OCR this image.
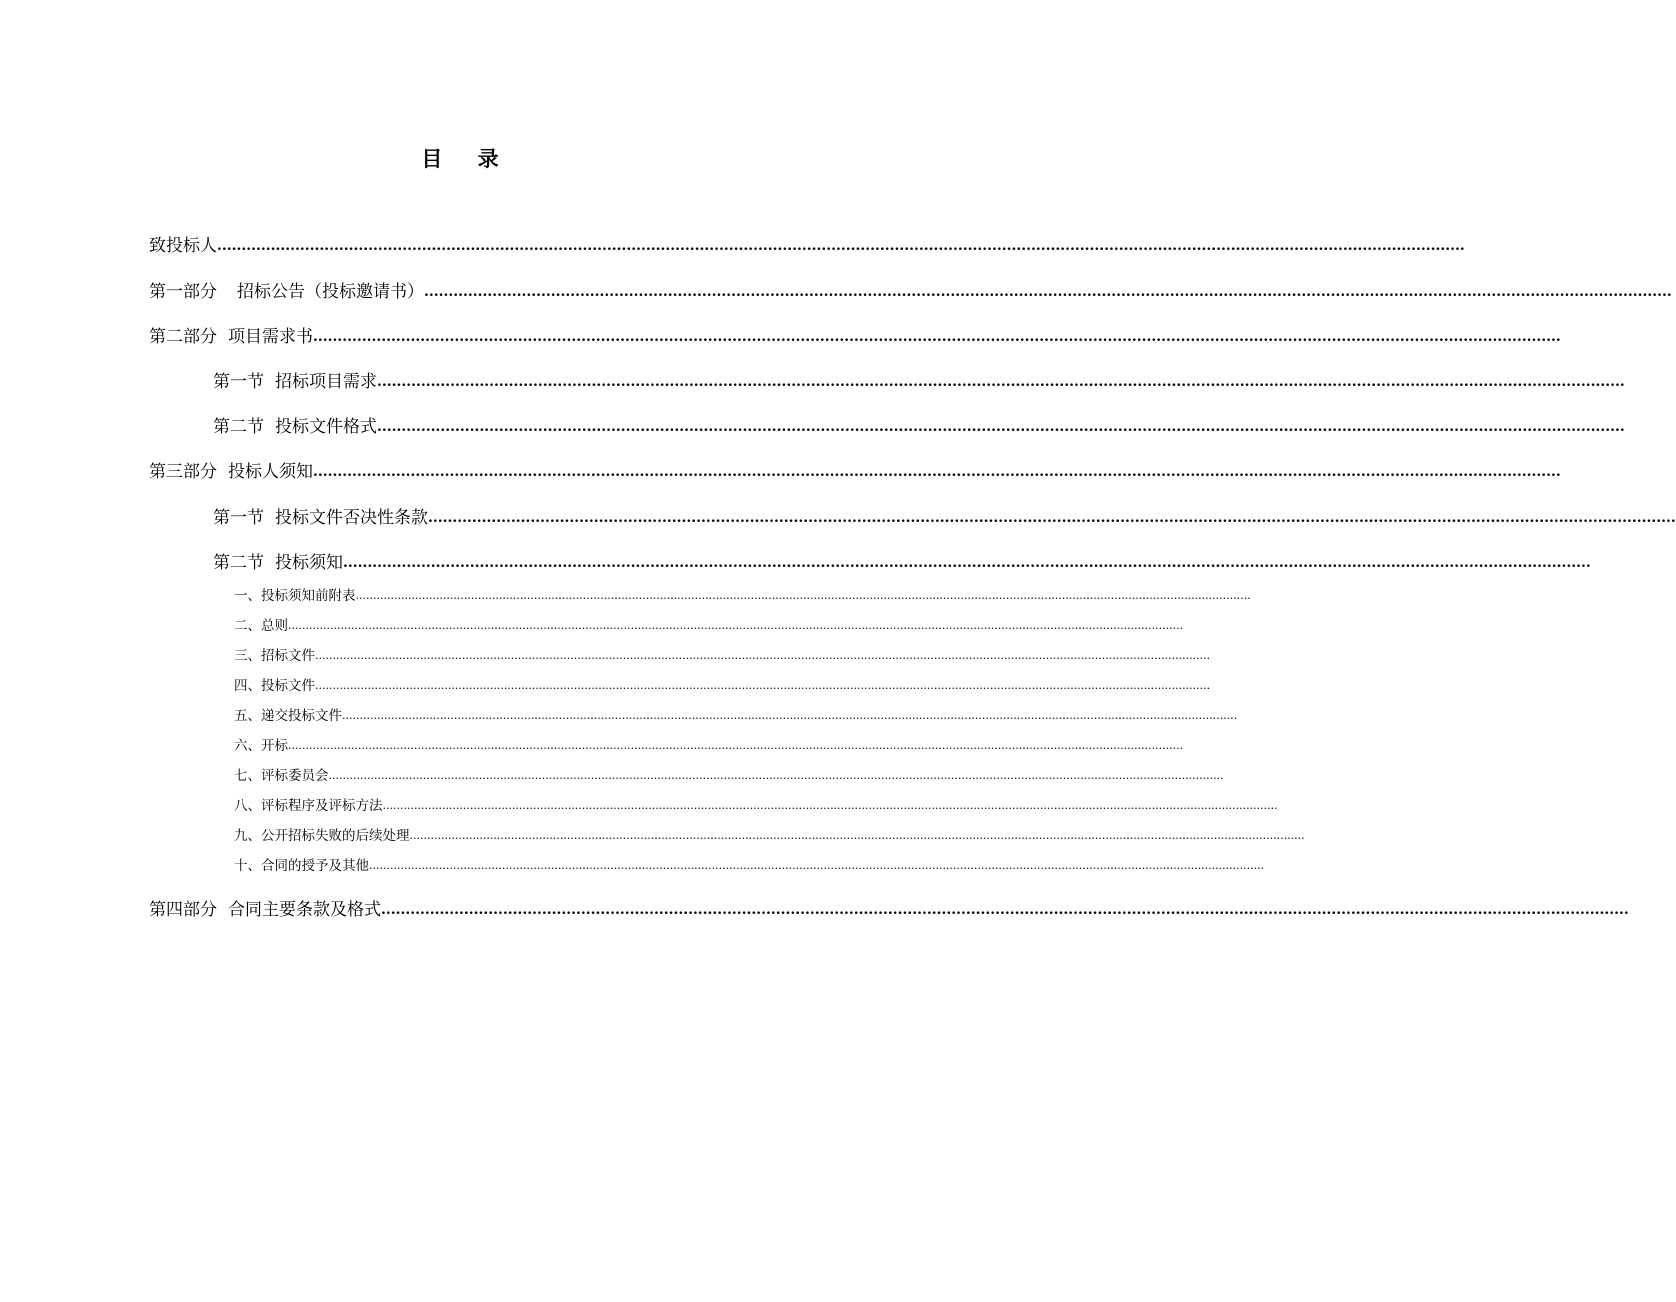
目 录
致投标人 ................................................................................................................................................................................................................................................................
第一部分 招标公告（投标邀请书） ................................................................................................................................................................................................................................................................
第二部分 项目需求书 ................................................................................................................................................................................................................................................................
第一节 招标项目需求 ................................................................................................................................................................................................................................................................
第二节 投标文件格式 ................................................................................................................................................................................................................................................................
第三部分 投标人须知 ................................................................................................................................................................................................................................................................
第一节 投标文件否决性条款 ................................................................................................................................................................................................................................................................
第二节 投标须知 ................................................................................................................................................................................................................................................................
一、投标须知前附表 ................................................................................................................................................................................................................................................................
二、总则 ................................................................................................................................................................................................................................................................
三、招标文件 ................................................................................................................................................................................................................................................................
四、投标文件 ................................................................................................................................................................................................................................................................
五、递交投标文件 ................................................................................................................................................................................................................................................................
六、开标 ................................................................................................................................................................................................................................................................
七、评标委员会 ................................................................................................................................................................................................................................................................
八、评标程序及评标方法 ................................................................................................................................................................................................................................................................
九、公开招标失败的后续处理 ................................................................................................................................................................................................................................................................
十、合同的授予及其他 ................................................................................................................................................................................................................................................................
第四部分 合同主要条款及格式 ................................................................................................................................................................................................................................................................
